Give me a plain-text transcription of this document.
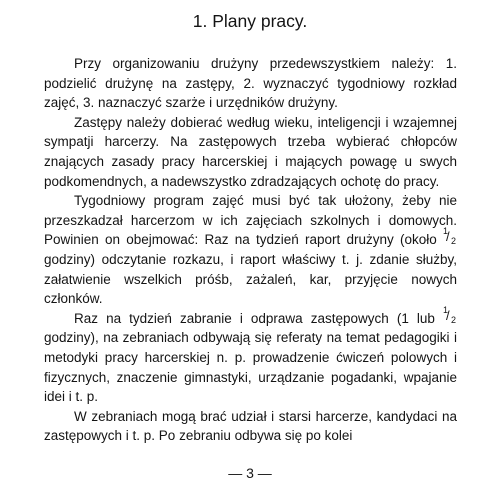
1. Plany pracy.

Przy organizowaniu drużyny przedewszystkiem należy: 1. podzielić drużynę na zastępy, 2. wyznaczyć tygodniowy rozkład zajęć, 3. naznaczyć szarże i urzędników drużyny.

Zastępy należy dobierać według wieku, inteligencji i wzajemnej sympatji harcerzy. Na zastępowych trzeba wybierać chłopców znających zasady pracy harcerskiej i mających powagę u swych podkomendnych, a nadewszystko zdradzających ochotę do pracy.

Tygodniowy program zajęć musi być tak ułożony, żeby nie przeszkadzał harcerzom w ich zajęciach szkolnych i domowych. Powinien on obejmować: Raz na tydzień raport drużyny (około
1
/ 2
godziny) odczytanie rozkazu, i raport właściwy t. j. zdanie służby, załatwienie wszelkich próśb, zażaleń, kar, przyjęcie nowych członków.

Raz na tydzień zabranie i odprawa zastępowych (1 lub
1
/ 2
godziny), na zebraniach odbywają się referaty na temat pedagogiki i metodyki pracy harcerskiej n. p. prowadzenie ćwiczeń polowych i fizycznych, znaczenie gimnastyki, urządzanie pogadanki, wpajanie idei i t. p.

W zebraniach mogą brać udział i starsi harcerze, kandydaci na zastępowych i t. p. Po zebraniu odbywa się po kolei

— 3 —
